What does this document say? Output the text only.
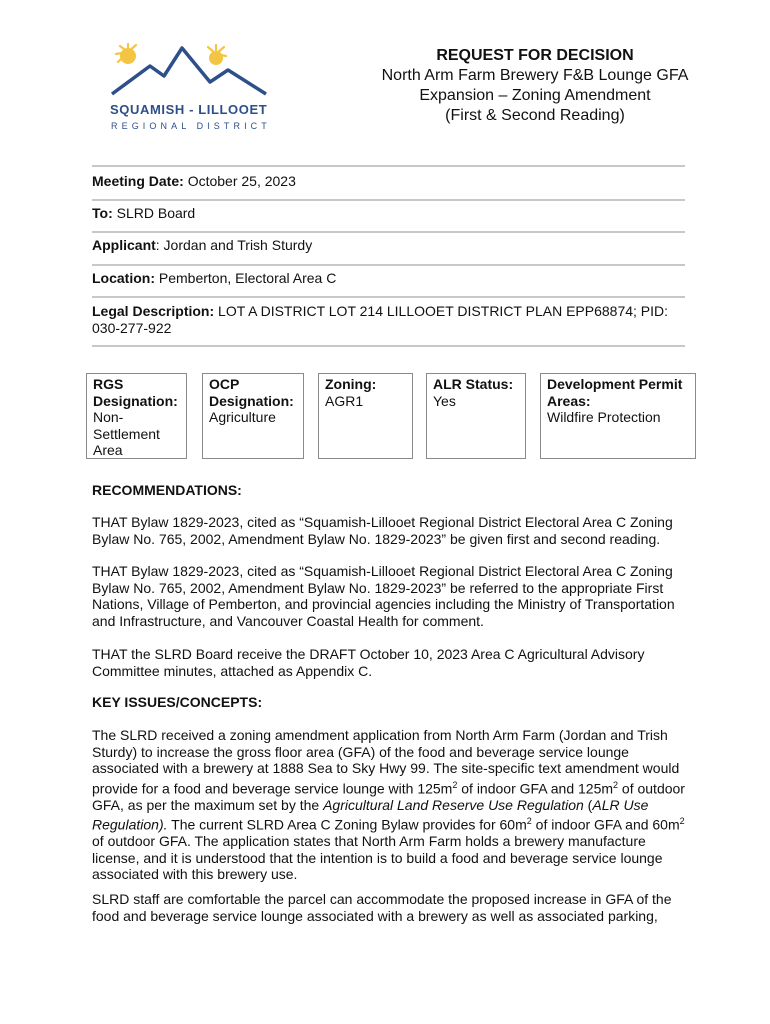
SQUAMISH - LILLOOET
REGIONAL DISTRICT
REQUEST FOR DECISION
North Arm Farm Brewery F&B Lounge GFA
Expansion – Zoning Amendment
(First & Second Reading)
Meeting Date: October 25, 2023
To: SLRD Board
Applicant: Jordan and Trish Sturdy
Location: Pemberton, Electoral Area C
Legal Description: LOT A DISTRICT LOT 214 LILLOOET DISTRICT PLAN EPP68874; PID:
030-277-922
RGS
Designation:
Non-
Settlement
Area
OCP
Designation:
Agriculture
Zoning:
AGR1
ALR Status:
Yes
Development Permit
Areas:
Wildfire Protection
RECOMMENDATIONS:
THAT Bylaw 1829-2023, cited as “Squamish-Lillooet Regional District Electoral Area C Zoning
Bylaw No. 765, 2002, Amendment Bylaw No. 1829-2023” be given first and second reading.
THAT Bylaw 1829-2023, cited as “Squamish-Lillooet Regional District Electoral Area C Zoning
Bylaw No. 765, 2002, Amendment Bylaw No. 1829-2023” be referred to the appropriate First
Nations, Village of Pemberton, and provincial agencies including the Ministry of Transportation
and Infrastructure, and Vancouver Coastal Health for comment.
THAT the SLRD Board receive the DRAFT October 10, 2023 Area C Agricultural Advisory
Committee minutes, attached as Appendix C.
KEY ISSUES/CONCEPTS:
The SLRD received a zoning amendment application from North Arm Farm (Jordan and Trish
Sturdy) to increase the gross floor area (GFA) of the food and beverage service lounge
associated with a brewery at 1888 Sea to Sky Hwy 99. The site-specific text amendment would
provide for a food and beverage service lounge with $125m^2$ of indoor GFA and $125m^2$ of outdoor
GFA, as per the maximum set by the Agricultural Land Reserve Use Regulation (ALR Use
Regulation). The current SLRD Area C Zoning Bylaw provides for $60m^2$ of indoor GFA and $60m^2$
of outdoor GFA. The application states that North Arm Farm holds a brewery manufacture
license, and it is understood that the intention is to build a food and beverage service lounge
associated with this brewery use.
SLRD staff are comfortable the parcel can accommodate the proposed increase in GFA of the
food and beverage service lounge associated with a brewery as well as associated parking,
